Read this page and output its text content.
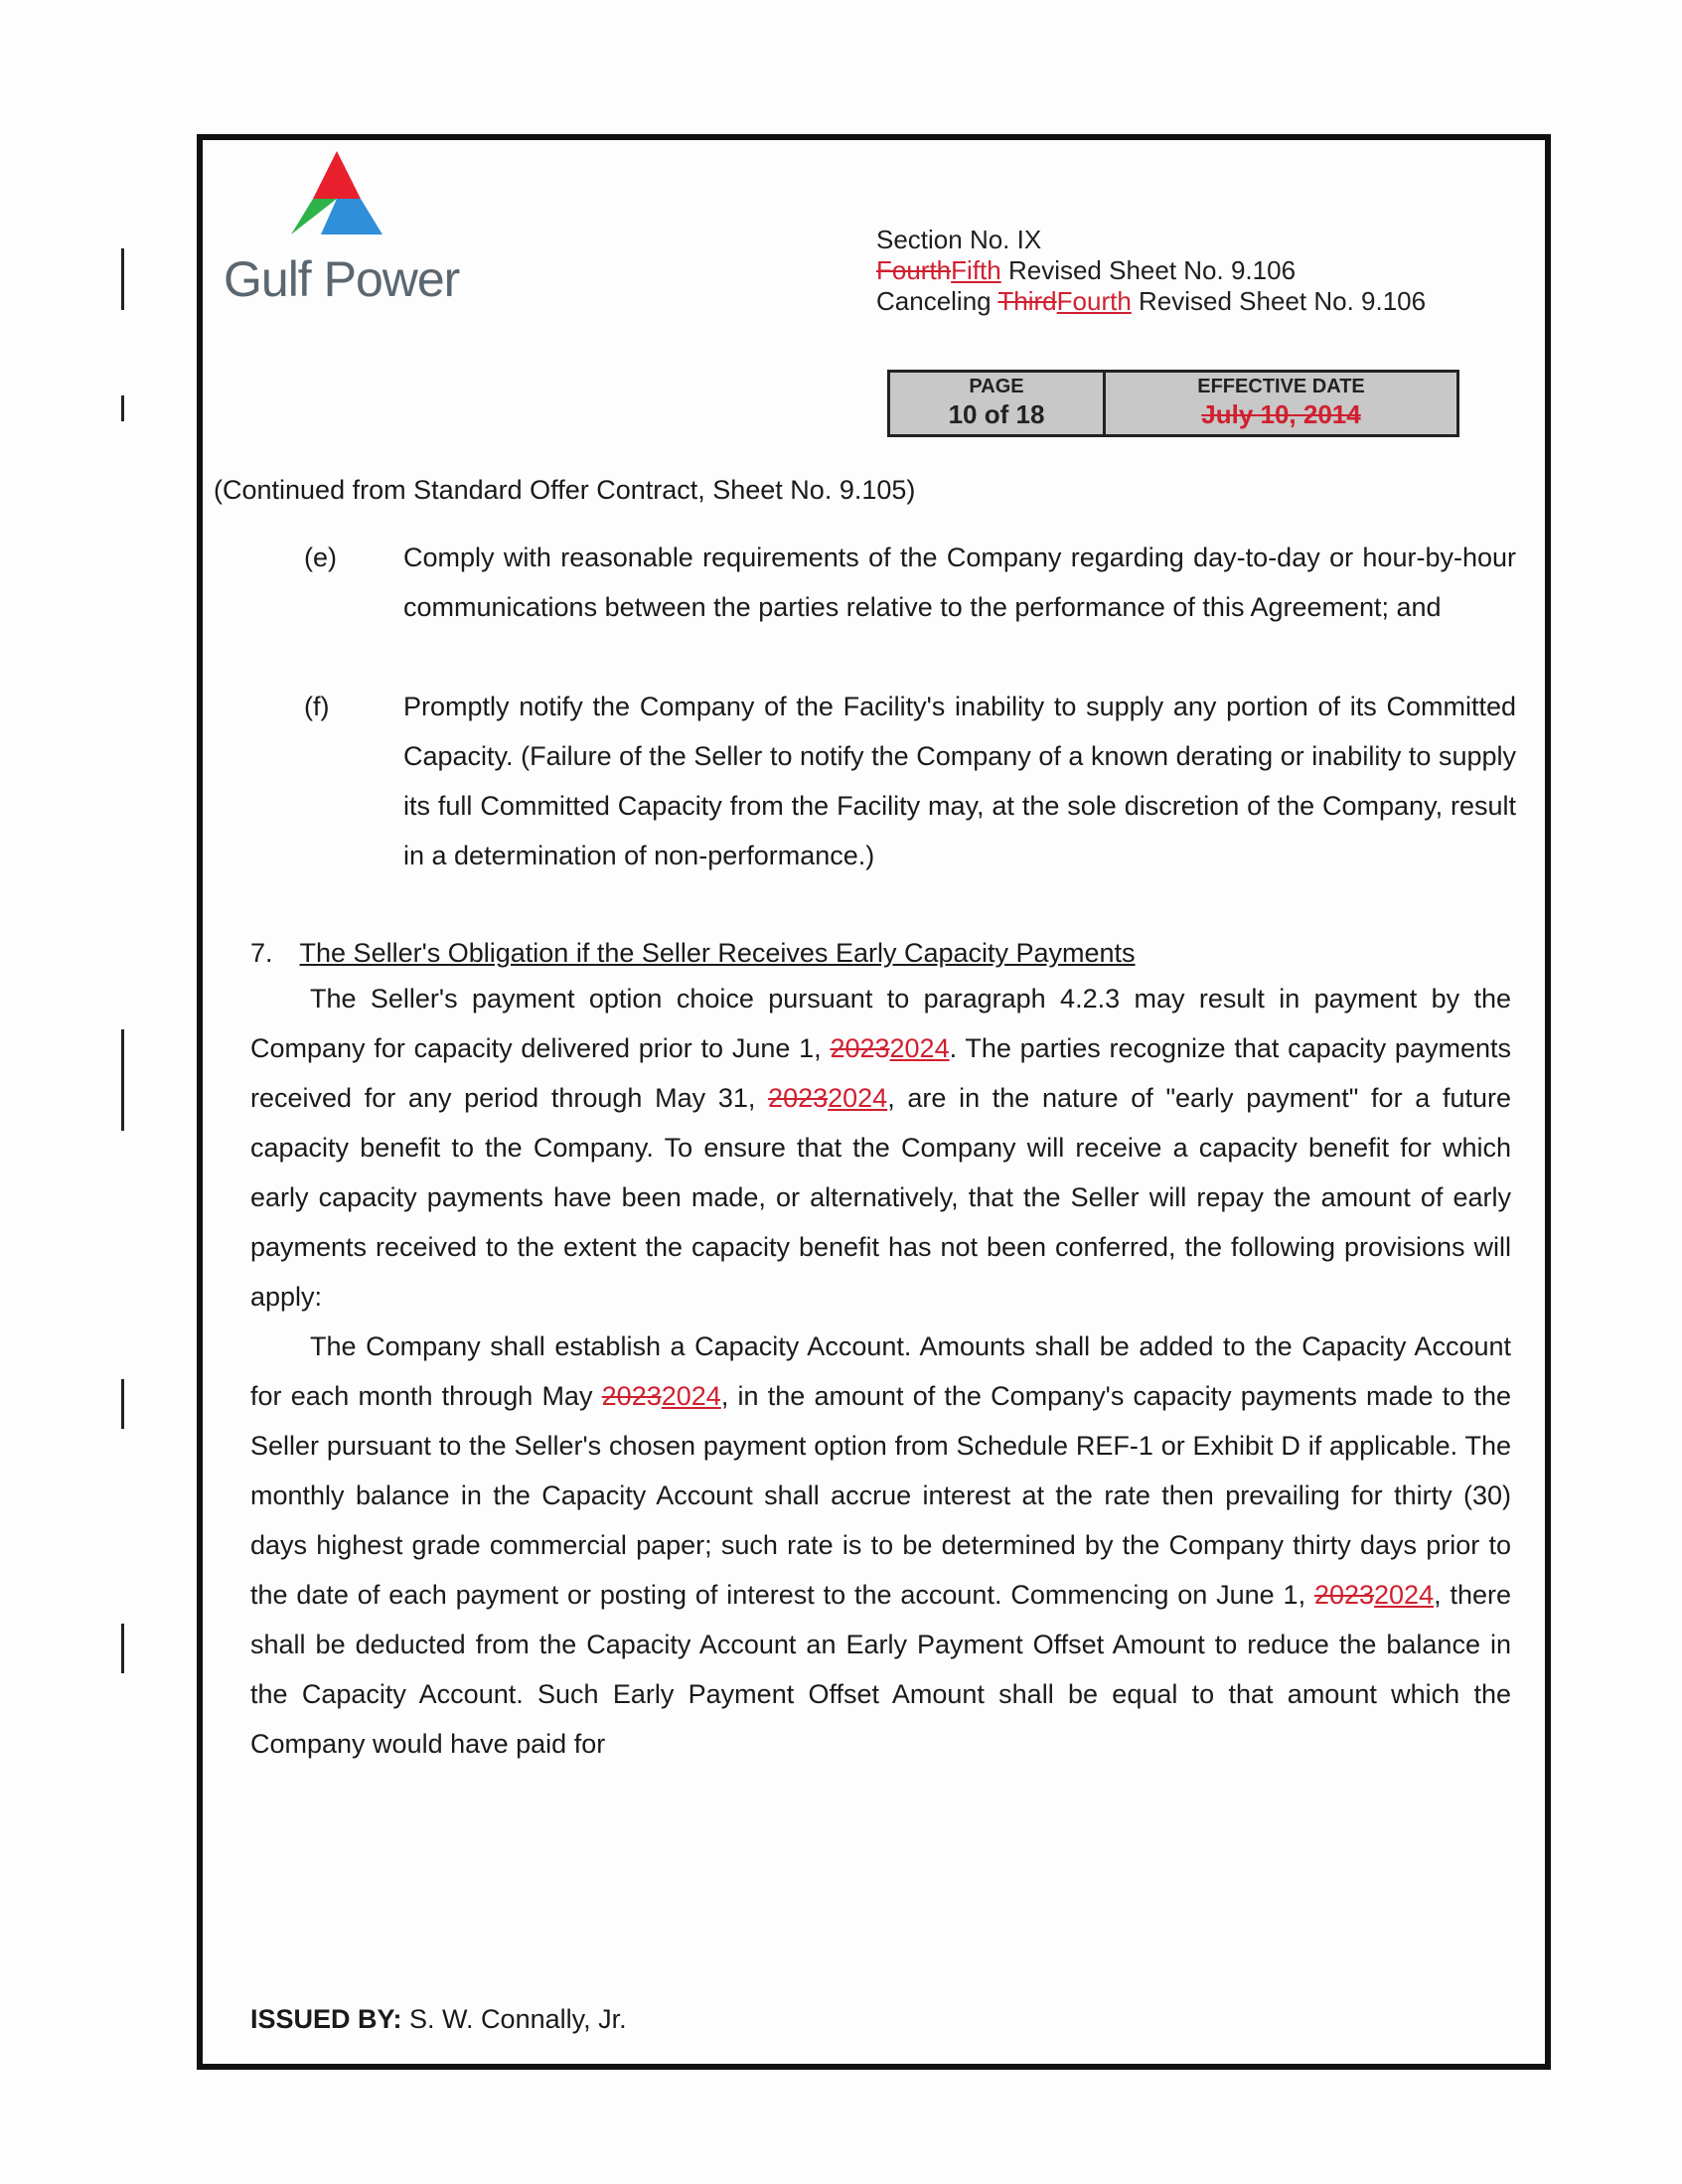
Gulf Power
Section No. IX
FourthFifth Revised Sheet No. 9.106
Canceling ThirdFourth Revised Sheet No. 9.106
PAGE
10 of 18
EFFECTIVE DATE
July 10, 2014
(Continued from Standard Offer Contract, Sheet No. 9.105)
(e) Comply with reasonable requirements of the Company regarding day-to-day or hour-by-hour communications between the parties relative to the performance of this Agreement; and
(f)	Promptly notify the Company of the Facility's inability to supply any portion of its Committed Capacity. (Failure of the Seller to notify the Company of a known derating or inability to supply its full Committed Capacity from the Facility may, at the sole discretion of the Company, result in a determination of non-performance.)
7. The Seller's Obligation if the Seller Receives Early Capacity Payments
The Seller's payment option choice pursuant to paragraph 4.2.3 may result in payment by the Company for capacity delivered prior to June 1, 20232024. The parties recognize that capacity payments received for any period through May 31, 20232024, are in the nature of "early payment" for a future capacity benefit to the Company. To ensure that the Company will receive a capacity benefit for which early capacity payments have been made, or alternatively, that the Seller will repay the amount of early payments received to the extent the capacity benefit has not been conferred, the following provisions will apply:
The Company shall establish a Capacity Account. Amounts shall be added to the Capacity Account for each month through May 20232024, in the amount of the Company's capacity payments made to the Seller pursuant to the Seller's chosen payment option from Schedule REF-1 or Exhibit D if applicable. The monthly balance in the Capacity Account shall accrue interest at the rate then prevailing for thirty (30) days highest grade commercial paper; such rate is to be determined by the Company thirty days prior to the date of each payment or posting of interest to the account. Commencing on June 1, 20232024, there shall be deducted from the Capacity Account an Early Payment Offset Amount to reduce the balance in the Capacity Account. Such Early Payment Offset Amount shall be equal to that amount which the Company would have paid for
ISSUED BY: S. W. Connally, Jr.
